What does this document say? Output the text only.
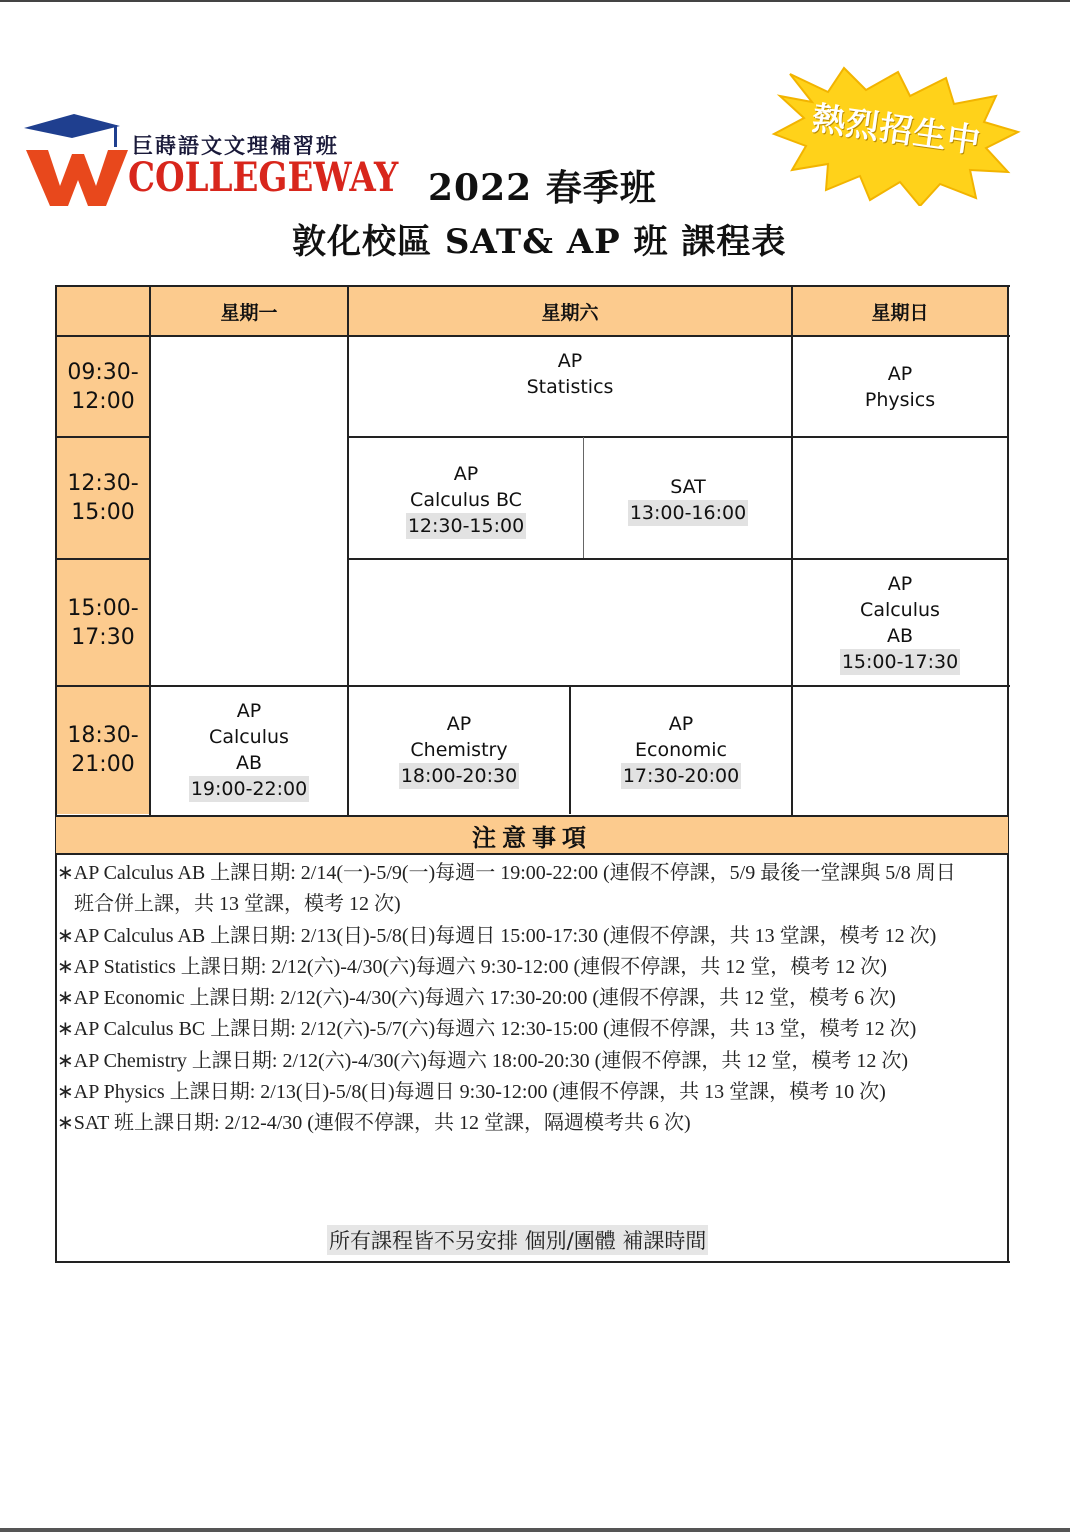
巨蒔語文文理補習班
COLLEGEWAY
熱烈招生中
2022 春季班
敦化校區 SAT& AP 班 課程表
星期一	星期六	星期日
09:30-
12:00
12:30-
15:00
15:00-
17:30
18:30-
21:00
AP
Statistics
AP
Physics
AP
Calculus BC
12:30-15:00
SAT
13:00-16:00
AP
Calculus
AB
15:00-17:30
AP
Calculus
AB
19:00-22:00
AP
Chemistry
18:00-20:30
AP
Economic
17:30-20:00
注意事項
∗AP Calculus AB 上課日期: 2/14(一)-5/9(一)每週一 19:00-22:00 (連假不停課，5/9 最後一堂課與 5/8 周日
班合併上課，共 13 堂課，模考 12 次)
∗AP Calculus AB 上課日期: 2/13(日)-5/8(日)每週日 15:00-17:30 (連假不停課，共 13 堂課，模考 12 次)
∗AP Statistics 上課日期: 2/12(六)-4/30(六)每週六 9:30-12:00 (連假不停課，共 12 堂，模考 12 次)
∗AP Economic 上課日期: 2/12(六)-4/30(六)每週六 17:30-20:00 (連假不停課，共 12 堂，模考 6 次)
∗AP Calculus BC 上課日期: 2/12(六)-5/7(六)每週六 12:30-15:00 (連假不停課，共 13 堂，模考 12 次)
∗AP Chemistry 上課日期: 2/12(六)-4/30(六)每週六 18:00-20:30 (連假不停課，共 12 堂，模考 12 次)
∗AP Physics 上課日期: 2/13(日)-5/8(日)每週日 9:30-12:00 (連假不停課，共 13 堂課，模考 10 次)
∗SAT 班上課日期: 2/12-4/30 (連假不停課，共 12 堂課，隔週模考共 6 次)
所有課程皆不另安排 個別/團體 補課時間
